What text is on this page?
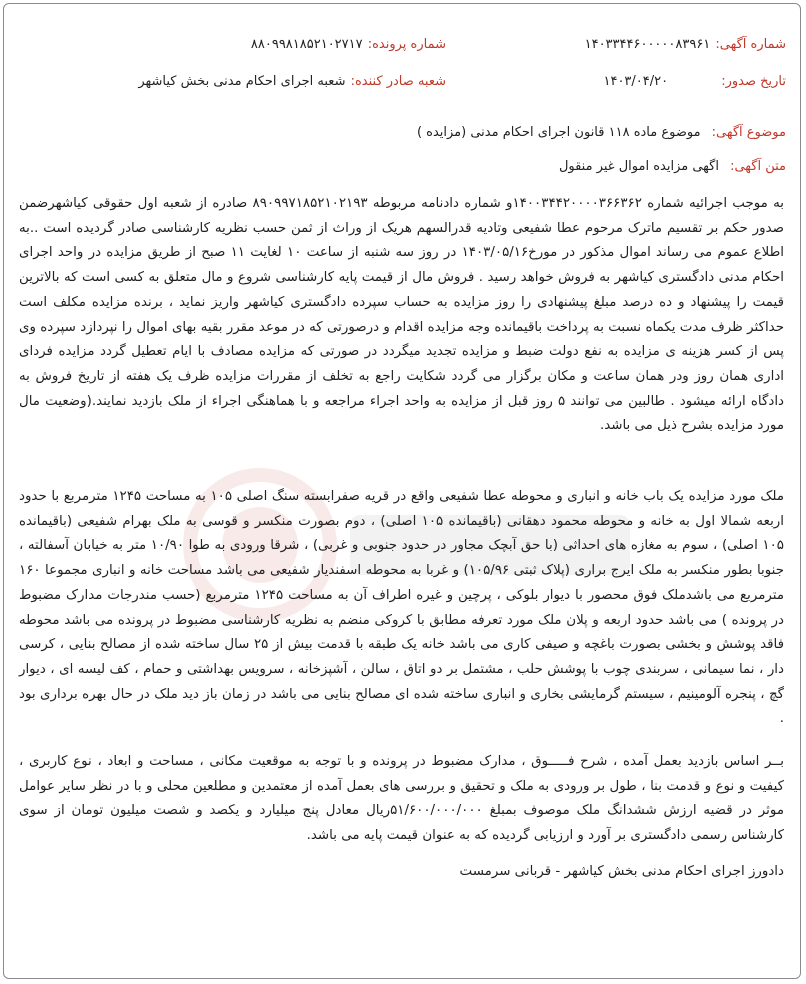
شماره آگهی: ۱۴۰۳۳۴۴۶۰۰۰۰۰۸۳۹۶۱
شماره پرونده: ۸۸۰۹۹۸۱۸۵۲۱۰۲۷۱۷
تاریخ صدور: ۱۴۰۳/۰۴/۲۰
شعبه صادر کننده: شعبه اجرای احکام مدنی بخش کیاشهر
موضوع آگهی: موضوع ماده ۱۱۸ قانون اجرای احکام مدنی (مزایده )
متن آگهی: اگهی مزایده اموال غیر منقول
به موجب اجرائیه شماره ۱۴۰۰۳۴۴۲۰۰۰۰۳۶۶۳۶۲و شماره دادنامه مربوطه ۸۹۰۹۹۷۱۸۵۲۱۰۲۱۹۳ صادره از شعبه اول حقوقی کیاشهرضمن صدور حکم بر تقسیم ماترک مرحوم عطا شفیعی وتادیه قدرالسهم هریک از وراث از ثمن حسب نظریه کارشناسی صادر گردیده است ..به اطلاع عموم می رساند اموال مذکور در مورخ۱۴۰۳/۰۵/۱۶ در روز سه شنبه از ساعت ۱۰ لغایت ۱۱ صبح از طریق مزایده در واحد اجرای احکام مدنی دادگستری کیاشهر به فروش خواهد رسید . فروش مال از قیمت پایه کارشناسی شروع و مال متعلق به کسی است که بالاترین قیمت را پیشنهاد و ده درصد مبلغ پیشنهادی را روز مزایده به حساب سپرده دادگستری کیاشهر واریز نماید ، برنده مزایده مکلف است حداکثر ظرف مدت یکماه نسبت به پرداخت باقیمانده وجه مزایده اقدام و درصورتی که در موعد مقرر بقیه بهای اموال را نپردازد سپرده وی پس از کسر هزینه ی مزایده به نفع دولت ضبط و مزایده تجدید میگردد در صورتی که مزایده مصادف با ایام تعطیل گردد مزایده فردای اداری همان روز ودر همان ساعت و مکان برگزار می گردد شکایت راجع به تخلف از مقررات مزایده ظرف یک هفته از تاریخ فروش به دادگاه ارائه میشود . طالبین می توانند ۵ روز قبل از مزایده به واحد اجراء مراجعه و با هماهنگی اجراء از ملک بازدید نمایند.(وضعیت مال مورد مزایده بشرح ذیل می باشد.
ملک مورد مزایده یک باب خانه و انباری و محوطه عطا شفیعی واقع در قریه صفرابسته سنگ اصلی ۱۰۵ به مساحت ۱۲۴۵ مترمربع با حدود اربعه شمالا اول به خانه و محوطه محمود دهقانی (باقیمانده ۱۰۵ اصلی) ، دوم بصورت منکسر و قوسی به ملک بهرام شفیعی (باقیمانده ۱۰۵ اصلی) ، سوم به مغازه های احداثی (با حق آبچک مجاور در حدود جنوبی و غربی) ، شرقا ورودی به طوا ۱۰/۹۰ متر به خیابان آسفالته ، جنوبا بطور منکسر به ملک ایرج براری (پلاک ثبتی ۱۰۵/۹۶) و غربا به محوطه اسفندیار شفیعی می باشد مساحت خانه و انباری مجموعا ۱۶۰ مترمربع می باشدملک فوق محصور با دیوار بلوکی ، پرچین و غیره اطراف آن به مساحت ۱۲۴۵ مترمربع (حسب مندرجات مدارک مضبوط در پرونده ) می باشد حدود اربعه و پلان ملک مورد تعرفه مطابق با کروکی منضم به نظریه کارشناسی مضبوط در پرونده می باشد محوطه فاقد پوشش و بخشی بصورت باغچه و صیفی کاری می باشد خانه یک طبقه با قدمت بیش از ۲۵ سال ساخته شده از مصالح بنایی ، کرسی دار ، نما سیمانی ، سربندی چوب با پوشش حلب ، مشتمل بر دو اتاق ، سالن ، آشپزخانه ، سرویس بهداشتی و حمام ، کف لیسه ای ، دیوار گچ ، پنجره آلومینیم ، سیستم گرمایشی بخاری و انباری ساخته شده ای مصالح بنایی می باشد در زمان باز دید ملک در حال بهره برداری بود .
بــر اساس بازدید بعمل آمده ، شرح فـــــوق ، مدارک مضبوط در پرونده و با توجه به موقعیت مکانی ، مساحت و ابعاد ، نوع کاربری ، کیفیت و نوع و قدمت بنا ، طول بر ورودی به ملک و تحقیق و بررسی های بعمل آمده از معتمدین و مطلعین محلی و با در نظر سایر عوامل موثر در قضیه ارزش ششدانگ ملک موصوف بمبلغ ۵۱/۶۰۰/۰۰۰/۰۰۰ریال معادل پنج میلیارد و یکصد و شصت میلیون تومان از سوی کارشناس رسمی دادگستری بر آورد و ارزیابی گردیده که به عنوان قیمت پایه می باشد.
دادورز اجرای احکام مدنی بخش کیاشهر - قربانی سرمست
